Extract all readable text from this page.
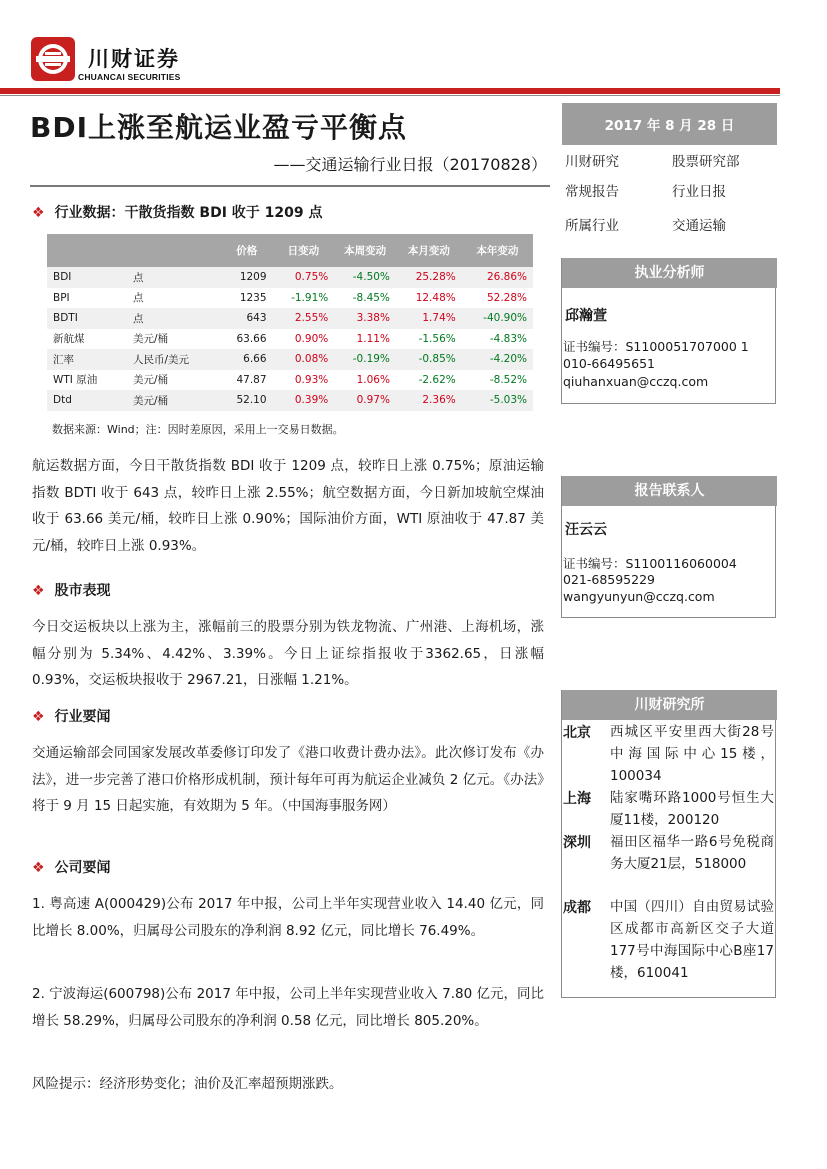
川财证券
CHUANCAI SECURITIES
BDI上涨至航运业盈亏平衡点
——交通运输行业日报（20170828）
❖ 行业数据：干散货指数 BDI 收于 1209 点
		价格	日变动	本周变动	本月变动	本年变动
BDI	点	1209	0.75%	-4.50%	25.28%	26.86%
BPI	点	1235	-1.91%	-8.45%	12.48%	52.28%
BDTI	点	643	2.55%	3.38%	1.74%	-40.90%
新航煤	美元/桶	63.66	0.90%	1.11%	-1.56%	-4.83%
汇率	人民币/美元	6.66	0.08%	-0.19%	-0.85%	-4.20%
WTI 原油	美元/桶	47.87	0.93%	1.06%	-2.62%	-8.52%
Dtd	美元/桶	52.10	0.39%	0.97%	2.36%	-5.03%
数据来源：Wind；注：因时差原因，采用上一交易日数据。
航运数据方面，今日干散货指数 BDI 收于 1209 点，较昨日上涨 0.75%；原油运输指数 BDTI 收于 643 点，较昨日上涨 2.55%；航空数据方面，今日新加坡航空煤油收于 63.66 美元/桶，较昨日上涨 0.90%；国际油价方面，WTI 原油收于 47.87 美元/桶，较昨日上涨 0.93%。
❖ 股市表现
今日交运板块以上涨为主，涨幅前三的股票分别为铁龙物流、广州港、上海机场，涨幅分别为 5.34%、4.42%、3.39%。今日上证综指报收于3362.65，日涨幅 0.93%，交运板块报收于 2967.21，日涨幅 1.21%。
❖ 行业要闻
交通运输部会同国家发展改革委修订印发了《港口收费计费办法》。此次修订发布《办法》，进一步完善了港口价格形成机制，预计每年可再为航运企业减负 2 亿元。《办法》将于 9 月 15 日起实施，有效期为 5 年。（中国海事服务网）
❖ 公司要闻
1. 粤高速 A(000429)公布 2017 年中报，公司上半年实现营业收入 14.40 亿元，同比增长 8.00%，归属母公司股东的净利润 8.92 亿元，同比增长 76.49%。
2. 宁波海运(600798)公布 2017 年中报，公司上半年实现营业收入 7.80 亿元，同比增长 58.29%，归属母公司股东的净利润 0.58 亿元，同比增长 805.20%。
风险提示：经济形势变化；油价及汇率超预期涨跌。
2017 年 8 月 28 日
川财研究	股票研究部
常规报告	行业日报
所属行业	交通运输
执业分析师
邱瀚萱
证书编号：S1100051707000 1
010-66495651
qiuhanxuan@cczq.com
报告联系人
汪云云
证书编号：S1100116060004
021-68595229
wangyunyun@cczq.com
川财研究所
北京 西城区平安里西大街28号中海国际中心15楼，100034
上海 陆家嘴环路1000号恒生大厦11楼，200120
深圳 福田区福华一路6号免税商务大厦21层，518000
成都 中国（四川）自由贸易试验区成都市高新区交子大道177号中海国际中心B座17楼，610041
